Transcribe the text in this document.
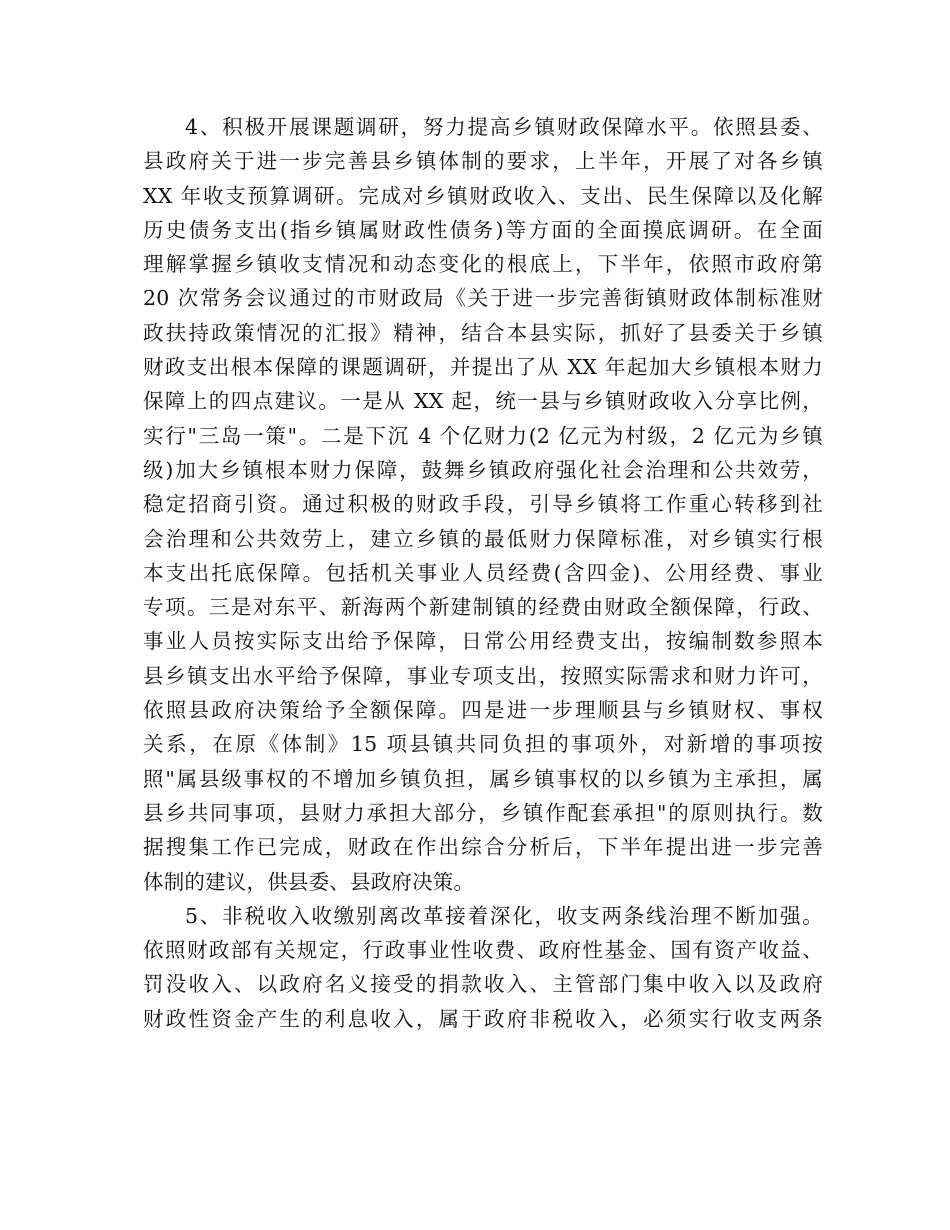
4、积极开展课题调研，努力提高乡镇财政保障水平。依照县委、
县政府关于进一步完善县乡镇体制的要求，上半年，开展了对各乡镇
XX 年收支预算调研。完成对乡镇财政收入、支出、民生保障以及化解
历史债务支出(指乡镇属财政性债务)等方面的全面摸底调研。在全面
理解掌握乡镇收支情况和动态变化的根底上，下半年，依照市政府第
20 次常务会议通过的市财政局《关于进一步完善街镇财政体制标准财
政扶持政策情况的汇报》精神，结合本县实际，抓好了县委关于乡镇
财政支出根本保障的课题调研，并提出了从 XX 年起加大乡镇根本财力
保障上的四点建议。一是从 XX 起，统一县与乡镇财政收入分享比例，
实行"三岛一策"。二是下沉 4 个亿财力(2 亿元为村级，2 亿元为乡镇
级)加大乡镇根本财力保障，鼓舞乡镇政府强化社会治理和公共效劳，
稳定招商引资。通过积极的财政手段，引导乡镇将工作重心转移到社
会治理和公共效劳上，建立乡镇的最低财力保障标准，对乡镇实行根
本支出托底保障。包括机关事业人员经费(含四金)、公用经费、事业
专项。三是对东平、新海两个新建制镇的经费由财政全额保障，行政、
事业人员按实际支出给予保障，日常公用经费支出，按编制数参照本
县乡镇支出水平给予保障，事业专项支出，按照实际需求和财力许可，
依照县政府决策给予全额保障。四是进一步理顺县与乡镇财权、事权
关系，在原《体制》15 项县镇共同负担的事项外，对新增的事项按
照"属县级事权的不增加乡镇负担，属乡镇事权的以乡镇为主承担，属
县乡共同事项，县财力承担大部分，乡镇作配套承担"的原则执行。数
据搜集工作已完成，财政在作出综合分析后，下半年提出进一步完善
体制的建议，供县委、县政府决策。
5、非税收入收缴别离改革接着深化，收支两条线治理不断加强。
依照财政部有关规定，行政事业性收费、政府性基金、国有资产收益、
罚没收入、以政府名义接受的捐款收入、主管部门集中收入以及政府
财政性资金产生的利息收入，属于政府非税收入，必须实行收支两条
